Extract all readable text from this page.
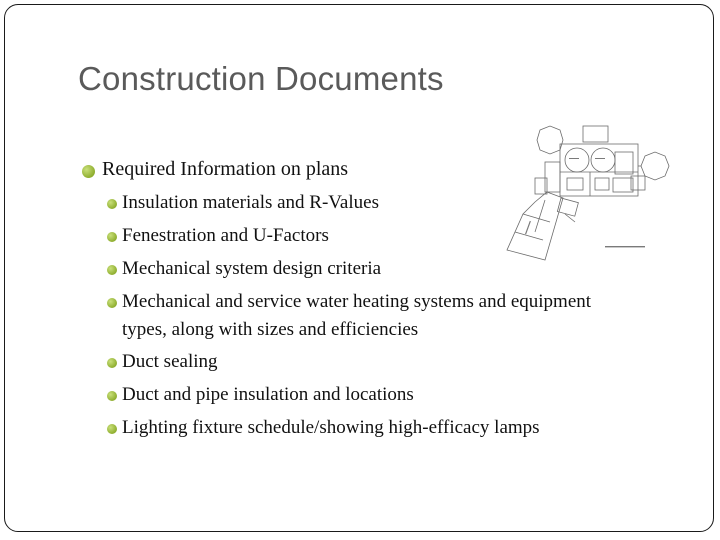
Construction Documents
Required Information on plans
Insulation materials and R-Values
Fenestration and U-Factors
Mechanical system design criteria
Mechanical and service water heating systems and equipment
types, along with sizes and efficiencies
Duct sealing
Duct and pipe insulation and locations
Lighting fixture schedule/showing high-efficacy lamps
